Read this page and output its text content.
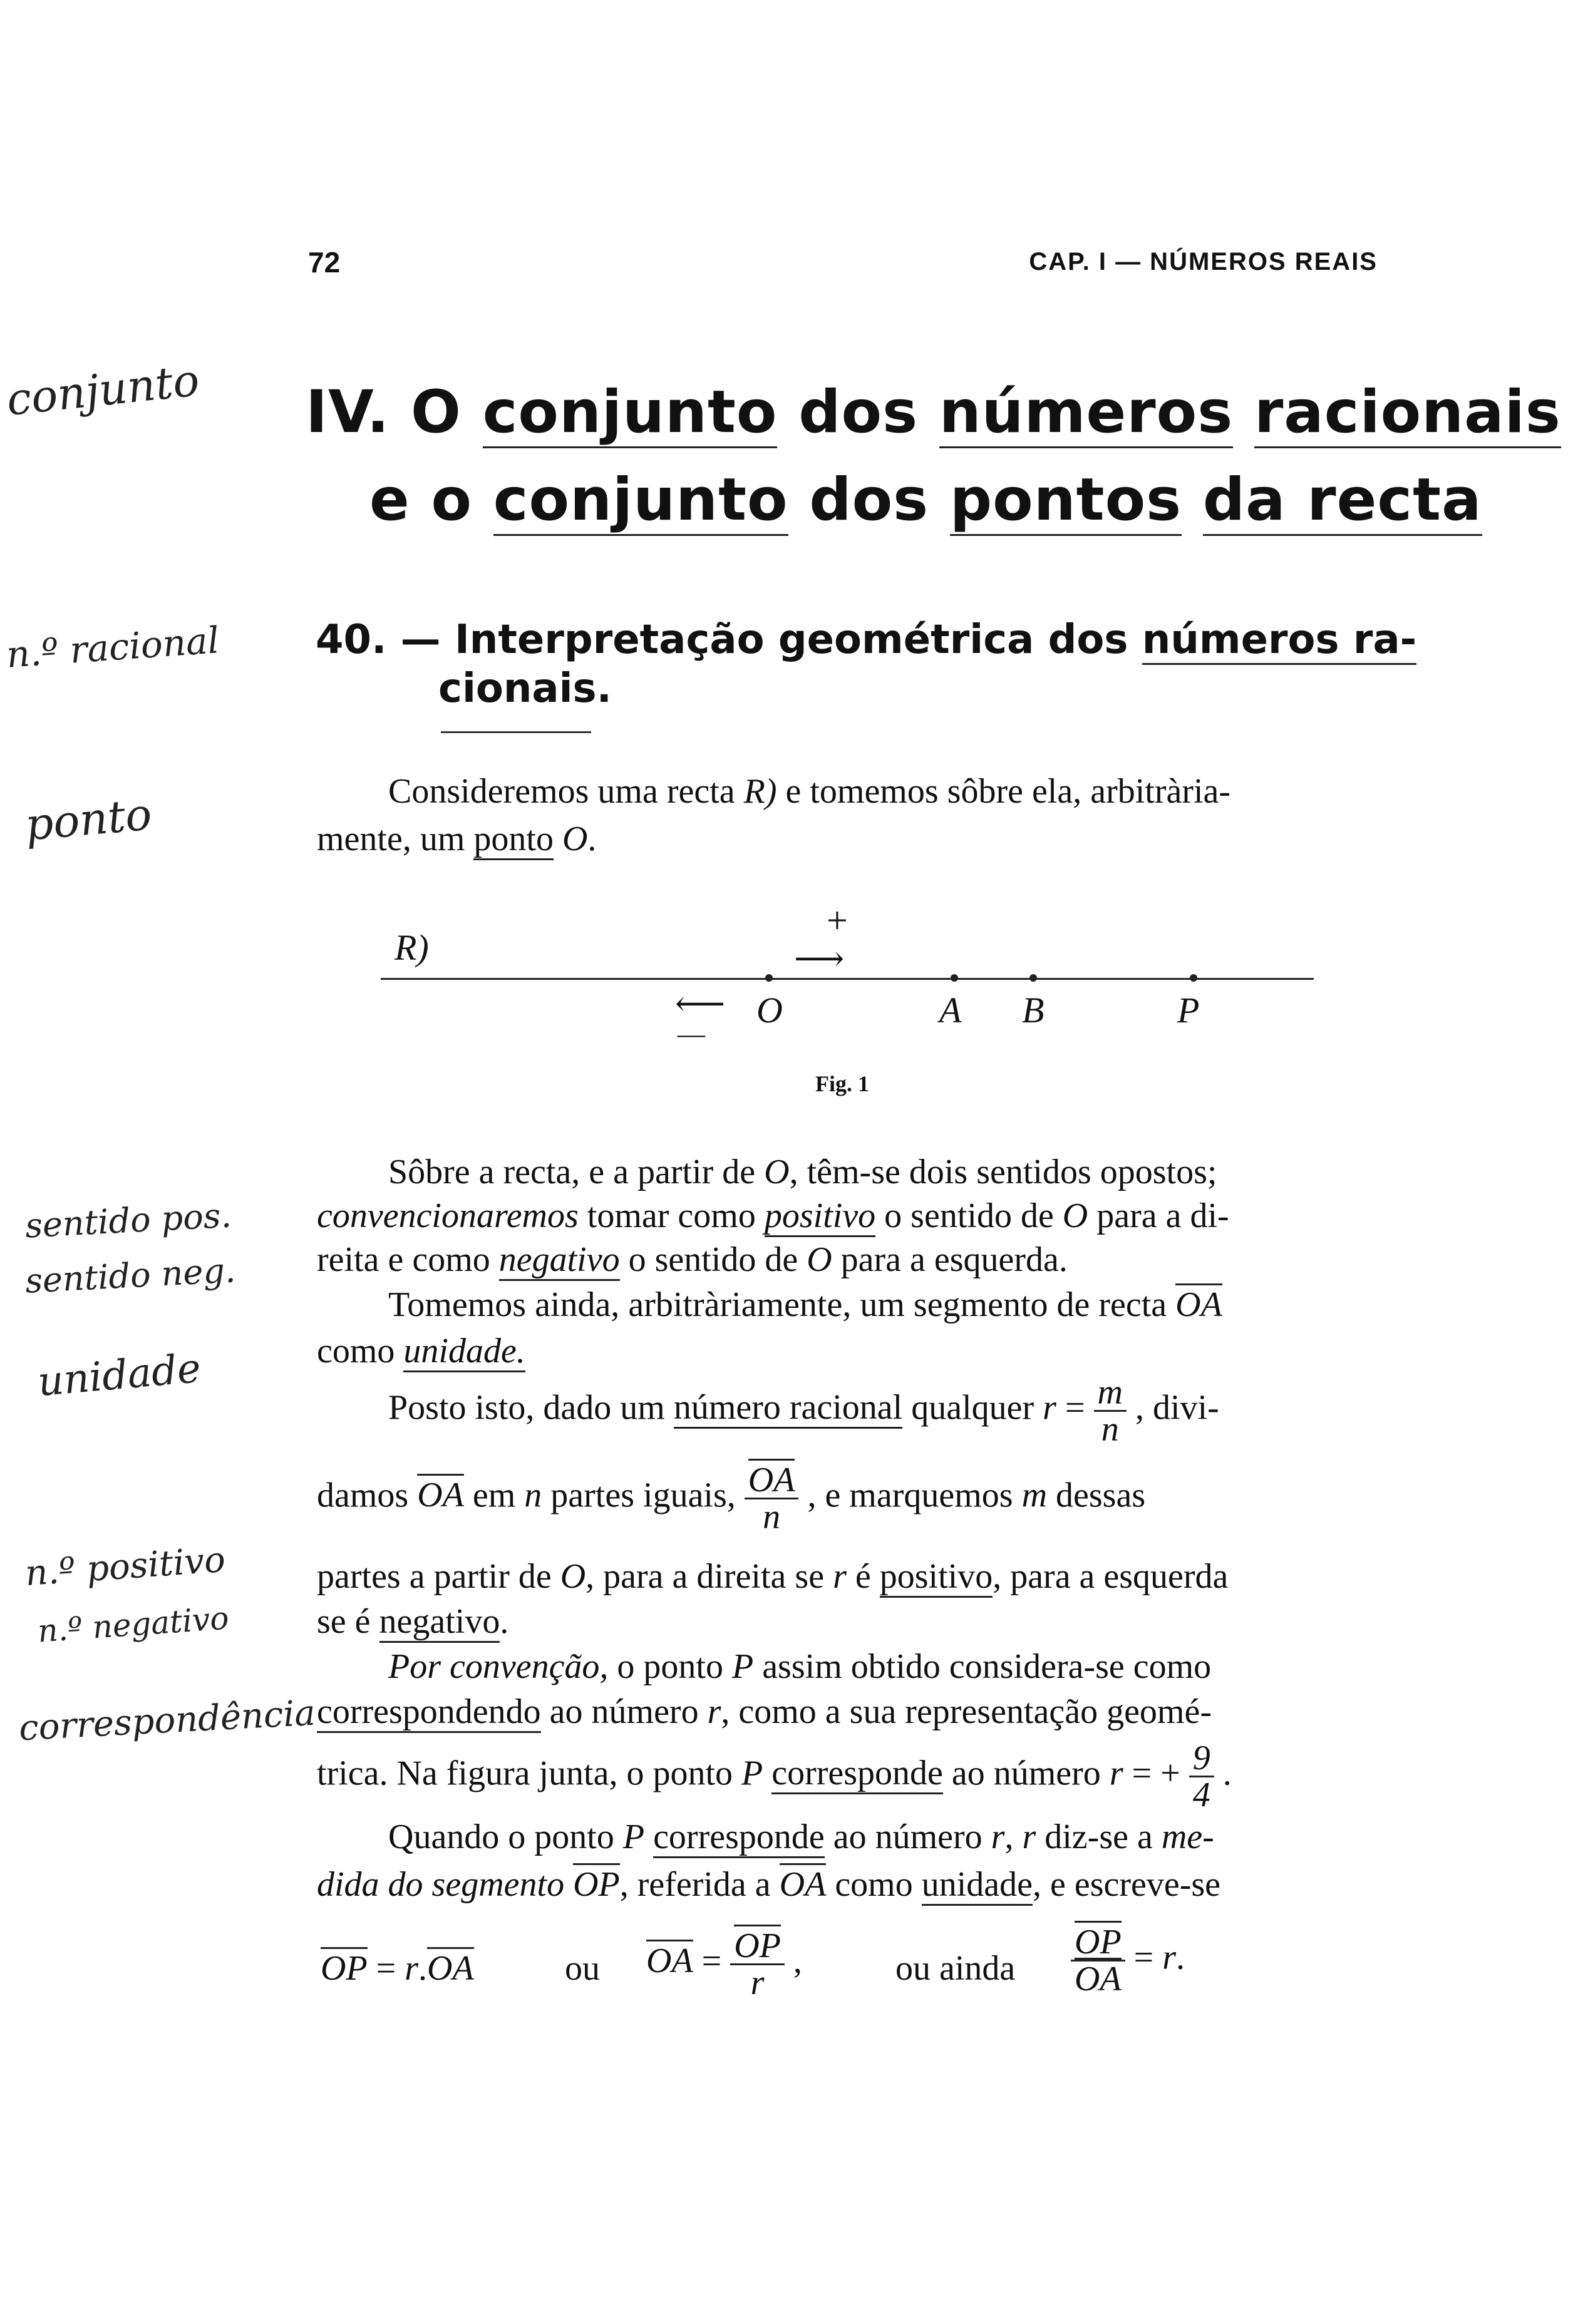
72	CAP. I — NÚMEROS REAIS
IV. O conjunto dos números racionais
e o conjunto dos pontos da recta
40. — Interpretação geométrica dos números ra-
cionais.
Consideremos uma recta R) e tomemos sôbre ela, arbitrària-
mente, um ponto O.
R)
+
⟶
⟵
—
O	A B	P
Fig. 1
Sôbre a recta, e a partir de O, têm-se dois sentidos opostos;
convencionaremos tomar como positivo o sentido de O para a di-
reita e como negativo o sentido de O para a esquerda.
Tomemos ainda, arbitràriamente, um segmento de recta OA
como unidade.
Posto isto, dado um número racional qualquer $r = \frac{m}{n}$ , divi-
damos OA em n partes iguais, $\frac{OA}{n}$ , e marquemos m dessas
partes a partir de O, para a direita se r é positivo, para a esquerda
se é negativo.
Por convenção, o ponto P assim obtido considera-se como
correspondendo ao número r, como a sua representação geomé-
trica. Na figura junta, o ponto P corresponde ao número r = + $\frac{9}{4}$ .
Quando o ponto P corresponde ao número r, r diz-se a me-
dida do segmento OP, referida a OA como unidade, e escreve-se
OP = r.OA	ou OA = $\frac{OP}{r}$ ,	ou ainda $\frac{OP}{OA} = r$.
conjunto
n.º racional
ponto
sentido pos.
sentido neg.
unidade
n.º positivo
n.º negativo
correspondência
